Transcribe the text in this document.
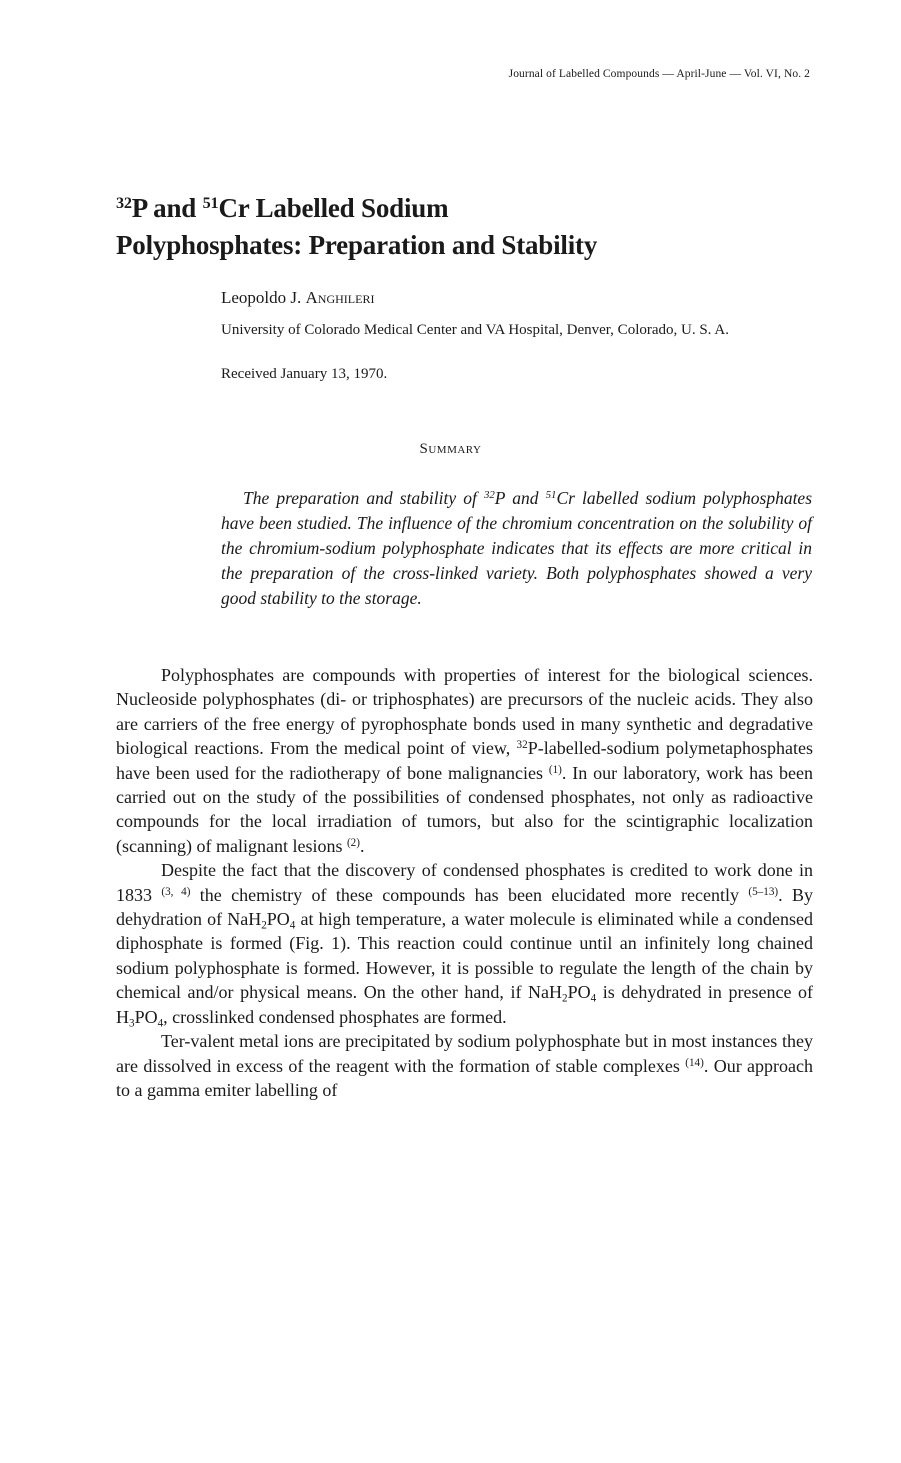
Journal of Labelled Compounds — April-June — Vol. VI, No. 2
$^{32}$P and $^{51}$Cr Labelled Sodium
Polyphosphates: Preparation and Stability
Leopoldo J. Anghileri
University of Colorado Medical Center and VA Hospital, Denver, Colorado, U. S. A.
Received January 13, 1970.
Summary
The preparation and stability of $^{32}$P and $^{51}$Cr labelled sodium polyphosphates have been studied. The influence of the chromium concentration on the solubility of the chromium-sodium polyphosphate indicates that its effects are more critical in the preparation of the cross-linked variety. Both polyphosphates showed a very good stability to the storage.

Polyphosphates are compounds with properties of interest for the biological sciences. Nucleoside polyphosphates (di- or triphosphates) are precursors of the nucleic acids. They also are carriers of the free energy of pyrophosphate bonds used in many synthetic and degradative biological reactions. From the medical point of view, $^{32}$P-labelled-sodium polymetaphosphates have been used for the radiotherapy of bone malignancies $^{(1)}$. In our laboratory, work has been carried out on the study of the possibilities of condensed phosphates, not only as radioactive compounds for the local irradiation of tumors, but also for the scintigraphic localization (scanning) of malignant lesions $^{(2)}$.

Despite the fact that the discovery of condensed phosphates is credited to work done in 1833 $^{(3, 4)}$ the chemistry of these compounds has been elucidated more recently $^{(5-13)}$. By dehydration of $NaH_2PO_4$ at high temperature, a water molecule is eliminated while a condensed diphosphate is formed (Fig. 1). This reaction could continue until an infinitely long chained sodium polyphosphate is formed. However, it is possible to regulate the length of the chain by chemical and/or physical means. On the other hand, if $NaH_2PO_4$ is dehydrated in presence of $H_3PO_4$, crosslinked condensed phosphates are formed.

Ter-valent metal ions are precipitated by sodium polyphosphate but in most instances they are dissolved in excess of the reagent with the formation of stable complexes $^{(14)}$. Our approach to a gamma emiter labelling of
